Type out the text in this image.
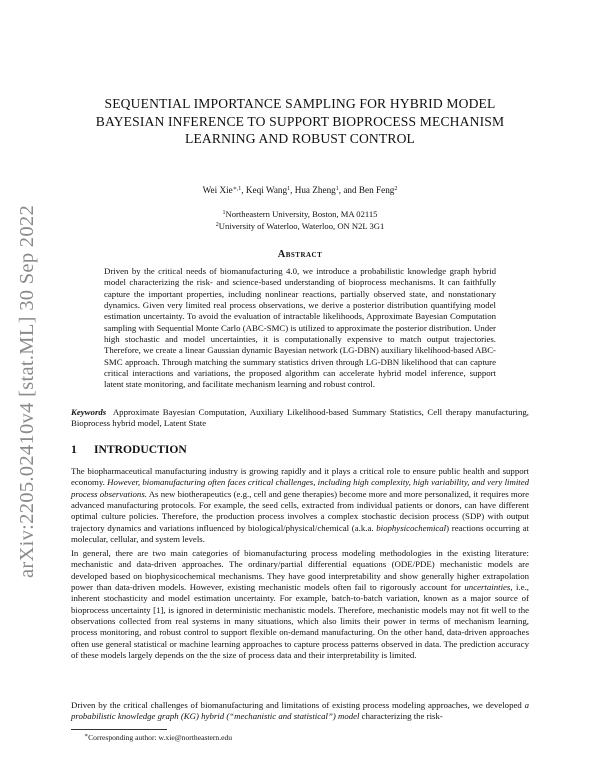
arXiv:2205.02410v4 [stat.ML] 30 Sep 2022
SEQUENTIAL IMPORTANCE SAMPLING FOR HYBRID MODEL BAYESIAN INFERENCE TO SUPPORT BIOPROCESS MECHANISM LEARNING AND ROBUST CONTROL
Wei Xie$^{∗,1}$, Keqi Wang$^1$, Hua Zheng$^1$, and Ben Feng$^2$
$^1$Northeastern University, Boston, MA 02115
$^2$University of Waterloo, Waterloo, ON N2L 3G1
Abstract
Driven by the critical needs of biomanufacturing 4.0, we introduce a probabilistic knowledge graph hybrid model characterizing the risk- and science-based understanding of bioprocess mechanisms. It can faithfully capture the important properties, including nonlinear reactions, partially observed state, and nonstationary dynamics. Given very limited real process observations, we derive a posterior distribution quantifying model estimation uncertainty. To avoid the evaluation of intractable likelihoods, Approximate Bayesian Computation sampling with Sequential Monte Carlo (ABC-SMC) is utilized to approximate the posterior distribution. Under high stochastic and model uncertainties, it is computationally expensive to match output trajectories. Therefore, we create a linear Gaussian dynamic Bayesian network (LG-DBN) auxiliary likelihood-based ABC-SMC approach. Through matching the summary statistics driven through LG-DBN likelihood that can capture critical interactions and variations, the proposed algorithm can accelerate hybrid model inference, support latent state monitoring, and facilitate mechanism learning and robust control.
Keywords Approximate Bayesian Computation, Auxiliary Likelihood-based Summary Statistics, Cell therapy manufacturing, Bioprocess hybrid model, Latent State
1 INTRODUCTION

The biopharmaceutical manufacturing industry is growing rapidly and it plays a critical role to ensure public health and support economy. However, biomanufacturing often faces critical challenges, including high complexity, high variability, and very limited process observations. As new biotherapeutics (e.g., cell and gene therapies) become more and more personalized, it requires more advanced manufacturing protocols. For example, the seed cells, extracted from individual patients or donors, can have different optimal culture policies. Therefore, the production process involves a complex stochastic decision process (SDP) with output trajectory dynamics and variations influenced by biological/physical/chemical (a.k.a. biophysicochemical) reactions occurring at molecular, cellular, and system levels.

In general, there are two main categories of biomanufacturing process modeling methodologies in the existing literature: mechanistic and data-driven approaches. The ordinary/partial differential equations (ODE/PDE) mechanistic models are developed based on biophysicochemical mechanisms. They have good interpretability and show generally higher extrapolation power than data-driven models. However, existing mechanistic models often fail to rigorously account for uncertainties, i.e., inherent stochasticity and model estimation uncertainty. For example, batch-to-batch variation, known as a major source of bioprocess uncertainty [1], is ignored in deterministic mechanistic models. Therefore, mechanistic models may not fit well to the observations collected from real systems in many situations, which also limits their power in terms of mechanism learning, process monitoring, and robust control to support flexible on-demand manufacturing. On the other hand, data-driven approaches often use general statistical or machine learning approaches to capture process patterns observed in data. The prediction accuracy of these models largely depends on the the size of process data and their interpretability is limited.

Driven by the critical challenges of biomanufacturing and limitations of existing process modeling approaches, we developed a probabilistic knowledge graph (KG) hybrid (“mechanistic and statistical”) model characterizing the risk-

∗Corresponding author: w.xie@northeastern.edu
